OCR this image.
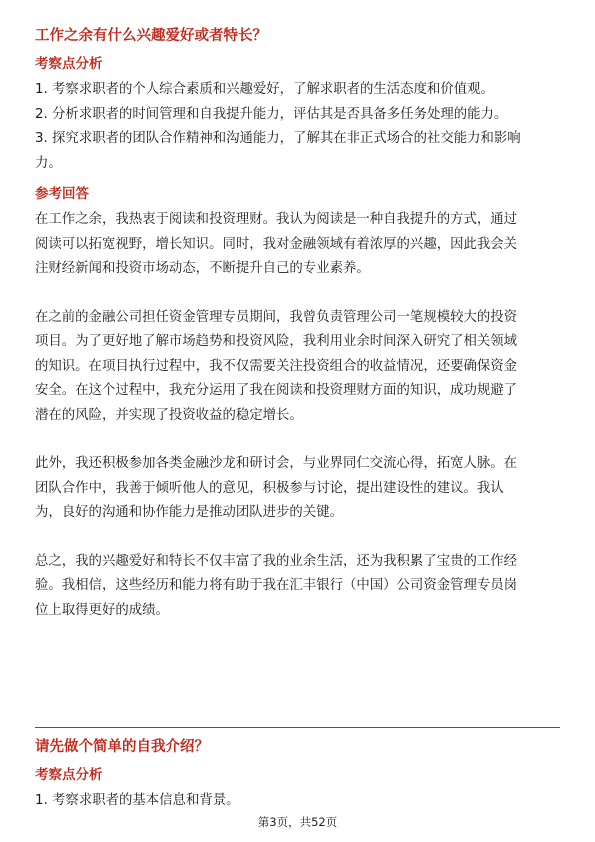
工作之余有什么兴趣爱好或者特长？
考察点分析

1. 考察求职者的个人综合素质和兴趣爱好，了解求职者的生活态度和价值观。

2. 分析求职者的时间管理和自我提升能力，评估其是否具备多任务处理的能力。

3. 探究求职者的团队合作精神和沟通能力，了解其在非正式场合的社交能力和影响

力。

参考回答

在工作之余，我热衷于阅读和投资理财。我认为阅读是一种自我提升的方式，通过

阅读可以拓宽视野，增长知识。同时，我对金融领域有着浓厚的兴趣，因此我会关

注财经新闻和投资市场动态，不断提升自己的专业素养。

在之前的金融公司担任资金管理专员期间，我曾负责管理公司一笔规模较大的投资

项目。为了更好地了解市场趋势和投资风险，我利用业余时间深入研究了相关领域

的知识。在项目执行过程中，我不仅需要关注投资组合的收益情况，还要确保资金

安全。在这个过程中，我充分运用了我在阅读和投资理财方面的知识，成功规避了

潜在的风险，并实现了投资收益的稳定增长。

此外，我还积极参加各类金融沙龙和研讨会，与业界同仁交流心得，拓宽人脉。在

团队合作中，我善于倾听他人的意见，积极参与讨论，提出建设性的建议。我认

为，良好的沟通和协作能力是推动团队进步的关键。

总之，我的兴趣爱好和特长不仅丰富了我的业余生活，还为我积累了宝贵的工作经

验。我相信，这些经历和能力将有助于我在汇丰银行（中国）公司资金管理专员岗

位上取得更好的成绩。

请先做个简单的自我介绍？
考察点分析

1. 考察求职者的基本信息和背景。

第3页，共52页
